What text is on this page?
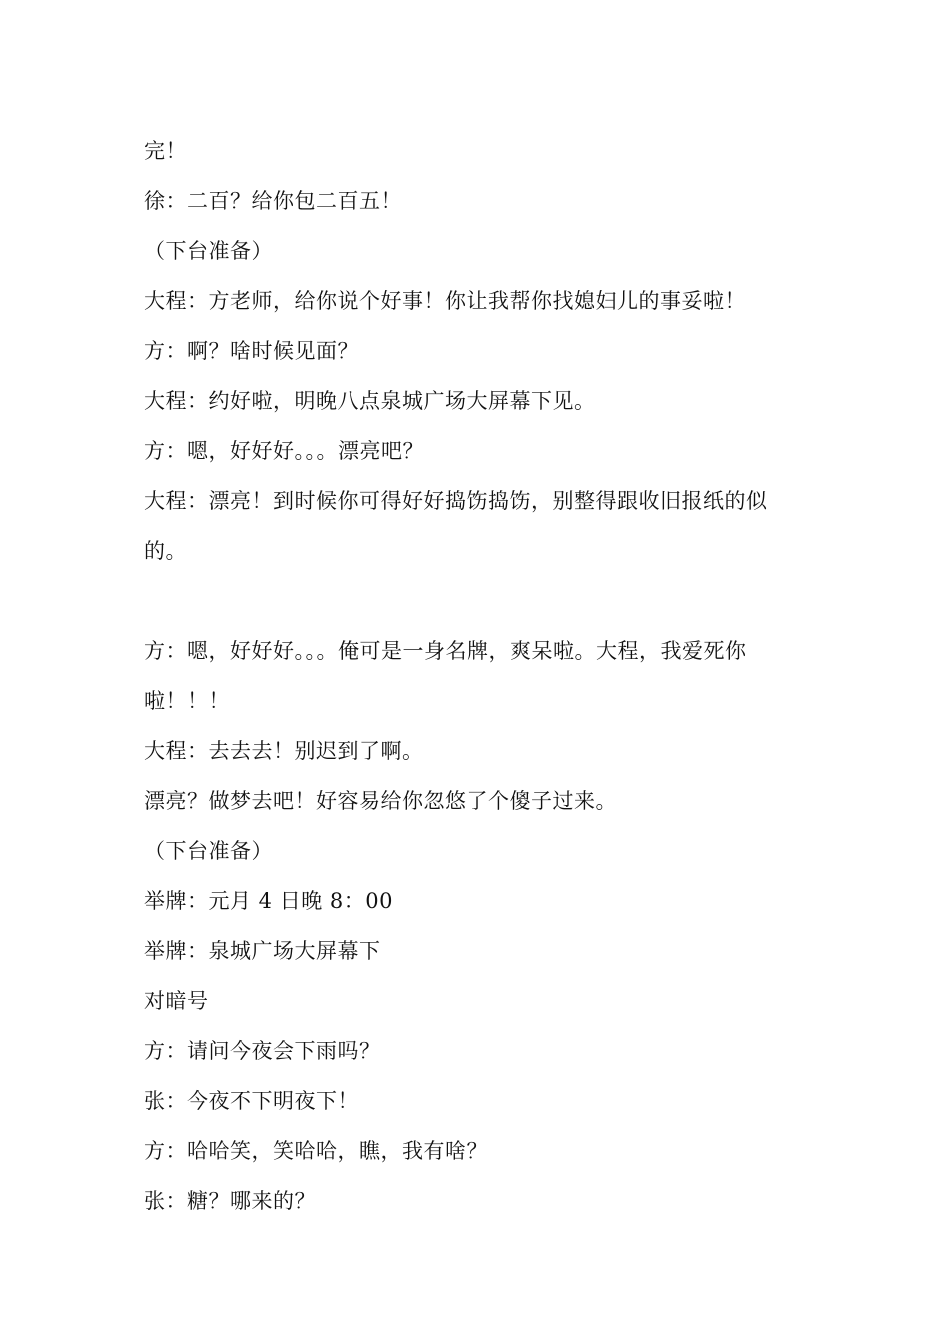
完！
徐：二百？给你包二百五！
（下台准备）
大程：方老师，给你说个好事！你让我帮你找媳妇儿的事妥啦！
方：啊？啥时候见面？
大程：约好啦，明晚八点泉城广场大屏幕下见。
方：嗯，好好好。。。漂亮吧？
大程：漂亮！到时候你可得好好捣饬捣饬，别整得跟收旧报纸的似
的。
方：嗯，好好好。。。俺可是一身名牌，爽呆啦。大程，我爱死你
啦！！！
大程：去去去！别迟到了啊。
漂亮？做梦去吧！好容易给你忽悠了个傻子过来。
（下台准备）
举牌：元月 4 日晚 8：00
举牌：泉城广场大屏幕下
对暗号
方：请问今夜会下雨吗？
张：今夜不下明夜下！
方：哈哈笑，笑哈哈，瞧，我有啥？
张：糖？哪来的？
